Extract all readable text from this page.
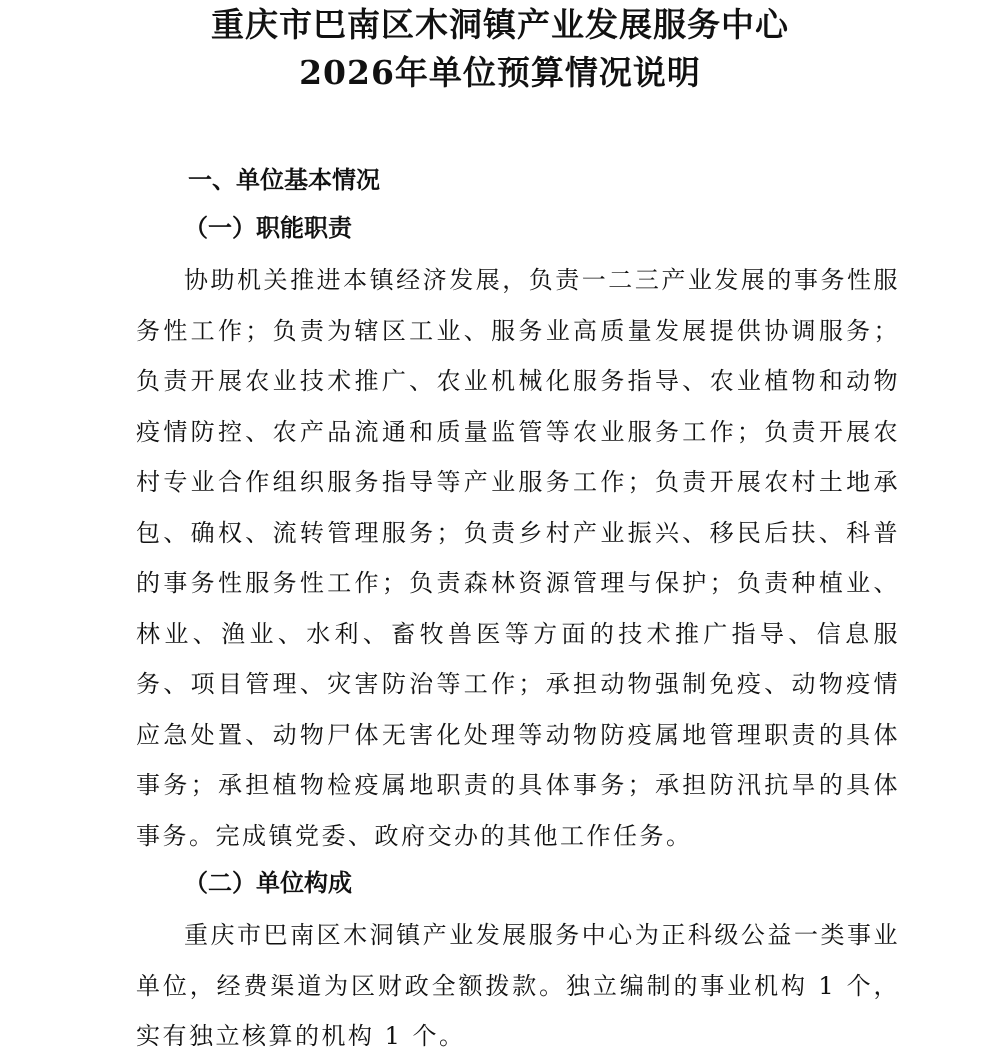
重庆市巴南区木洞镇产业发展服务中心
2026年单位预算情况说明
一、单位基本情况
（一）职能职责
协助机关推进本镇经济发展，负责一二三产业发展的事务性服务性工作；负责为辖区工业、服务业高质量发展提供协调服务；负责开展农业技术推广、农业机械化服务指导、农业植物和动物疫情防控、农产品流通和质量监管等农业服务工作；负责开展农村专业合作组织服务指导等产业服务工作；负责开展农村土地承包、确权、流转管理服务；负责乡村产业振兴、移民后扶、科普的事务性服务性工作；负责森林资源管理与保护；负责种植业、林业、渔业、水利、畜牧兽医等方面的技术推广指导、信息服务、项目管理、灾害防治等工作；承担动物强制免疫、动物疫情应急处置、动物尸体无害化处理等动物防疫属地管理职责的具体事务；承担植物检疫属地职责的具体事务；承担防汛抗旱的具体事务。完成镇党委、政府交办的其他工作任务。
（二）单位构成
重庆市巴南区木洞镇产业发展服务中心为正科级公益一类事业单位，经费渠道为区财政全额拨款。独立编制的事业机构 1 个，实有独立核算的机构 1 个。
